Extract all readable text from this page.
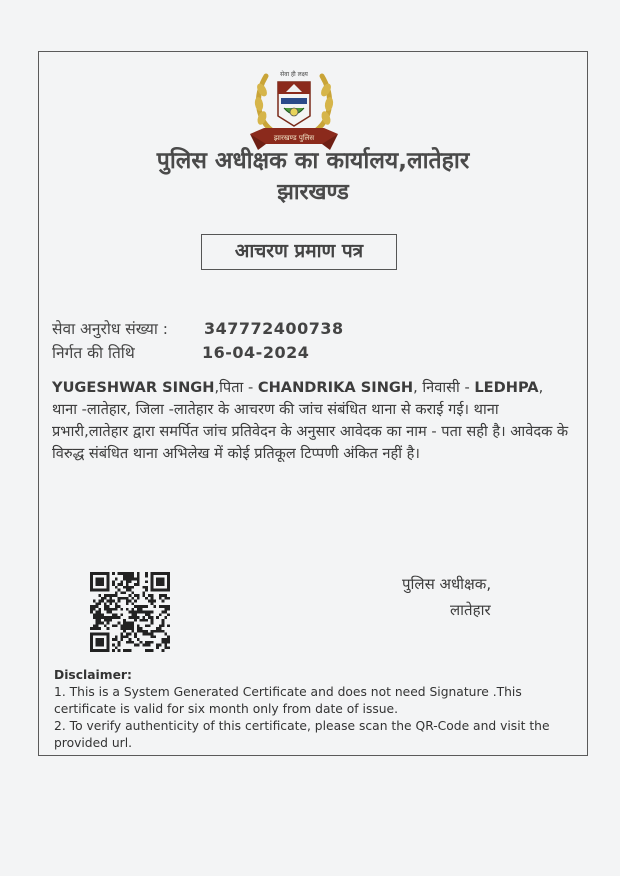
झारखण्ड पुलिस
सेवा ही लक्ष्य
पुलिस अधीक्षक का कार्यालय,लातेहार
झारखण्ड
आचरण प्रमाण पत्र
सेवा अनुरोध संख्या : 347772400738
निर्गत की तिथि	16-04-2024
YUGESHWAR SINGH,पिता - CHANDRIKA SINGH, निवासी - LEDHPA, थाना -लातेहार, जिला -लातेहार के आचरण की जांच संबंधित थाना से कराई गई। थाना प्रभारी,लातेहार द्वारा समर्पित जांच प्रतिवेदन के अनुसार आवेदक का नाम - पता सही है। आवेदक के विरुद्ध संबंधित थाना अभिलेख में कोई प्रतिकूल टिप्पणी अंकित नहीं है।
पुलिस अधीक्षक,
लातेहार
Disclaimer:
1. This is a System Generated Certificate and does not need Signature .This certificate is valid for six month only from date of issue.
2. To verify authenticity of this certificate, please scan the QR-Code and visit the provided url.
